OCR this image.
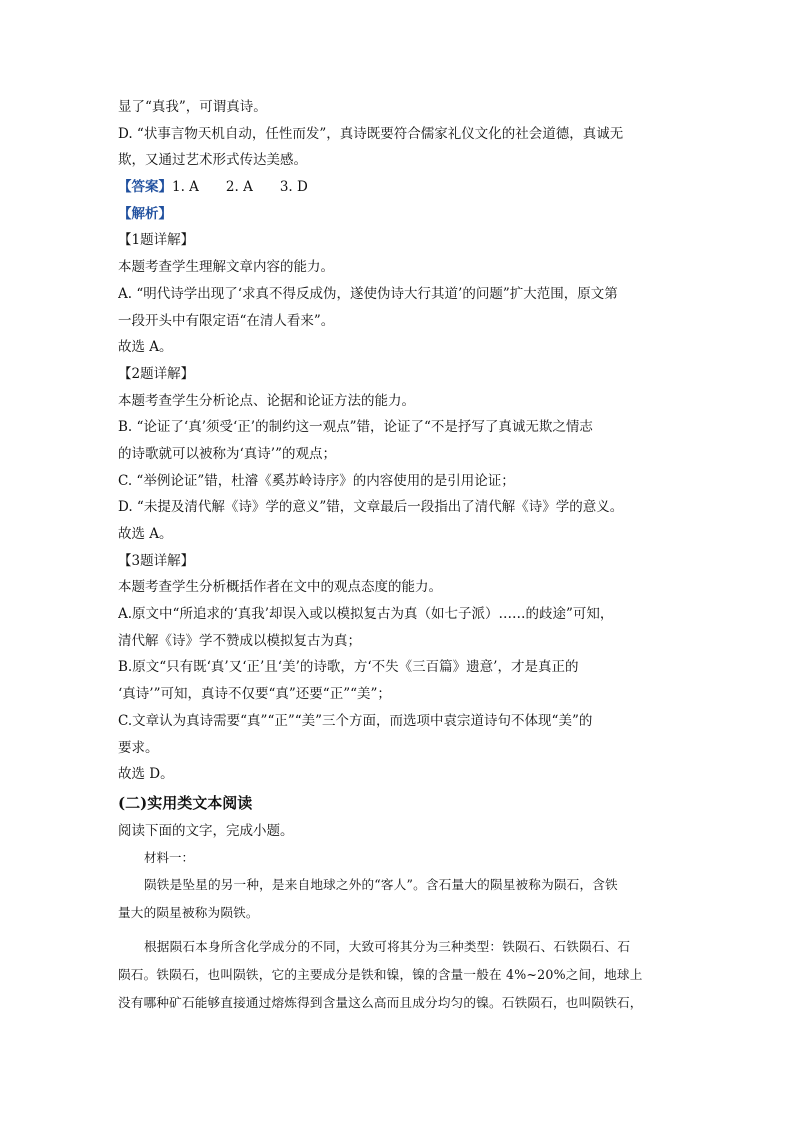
显了“真我”，可谓真诗。

D. “状事言物天机自动，任性而发”，真诗既要符合儒家礼仪文化的社会道德，真诚无

欺，又通过艺术形式传达美感。

【答案】1. A　　2. A　　3. D

【解析】

【1题详解】

本题考查学生理解文章内容的能力。

A. “明代诗学出现了‘求真不得反成伪，遂使伪诗大行其道’的问题”扩大范围，原文第

一段开头中有限定语“在清人看来”。

故选 A。

【2题详解】

本题考查学生分析论点、论据和论证方法的能力。

B. “论证了‘真’须受‘正’的制约这一观点”错，论证了“不是抒写了真诚无欺之情志

的诗歌就可以被称为‘真诗’”的观点；

C. “举例论证”错，杜濬《奚苏岭诗序》的内容使用的是引用论证；

D. “未提及清代解《诗》学的意义”错，文章最后一段指出了清代解《诗》学的意义。

故选 A。

【3题详解】

本题考查学生分析概括作者在文中的观点态度的能力。

A.原文中“所追求的‘真我’却误入或以模拟复古为真（如七子派）……的歧途”可知，

清代解《诗》学不赞成以模拟复古为真；

B.原文“只有既‘真’又‘正’且‘美’的诗歌，方‘不失《三百篇》遗意’，才是真正的

‘真诗’”可知，真诗不仅要“真”还要“正”“美”；

C.文章认为真诗需要“真”“正”“美”三个方面，而选项中袁宗道诗句不体现“美”的

要求。

故选 D。

(二)实用类文本阅读

阅读下面的文字，完成小题。

材料一：

陨铁是坠星的另一种，是来自地球之外的“客人”。含石量大的陨星被称为陨石，含铁

量大的陨星被称为陨铁。

根据陨石本身所含化学成分的不同，大致可将其分为三种类型：铁陨石、石铁陨石、石

陨石。铁陨石，也叫陨铁，它的主要成分是铁和镍，镍的含量一般在 4%~20%之间，地球上

没有哪种矿石能够直接通过熔炼得到含量这么高而且成分均匀的镍。石铁陨石，也叫陨铁石，
